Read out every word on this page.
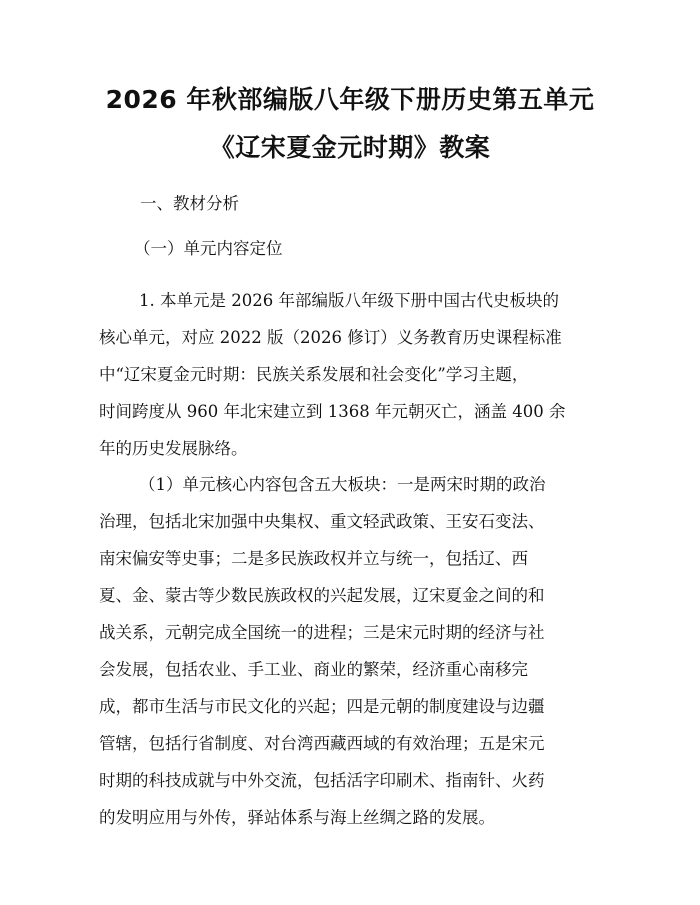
2026 年秋部编版八年级下册历史第五单元
《辽宋夏金元时期》教案
一、教材分析
（一）单元内容定位
1. 本单元是 2026 年部编版八年级下册中国古代史板块的
核心单元，对应 2022 版（2026 修订）义务教育历史课程标准
中“辽宋夏金元时期：民族关系发展和社会变化”学习主题，
时间跨度从 960 年北宋建立到 1368 年元朝灭亡，涵盖 400 余
年的历史发展脉络。
（1）单元核心内容包含五大板块：一是两宋时期的政治
治理，包括北宋加强中央集权、重文轻武政策、王安石变法、
南宋偏安等史事；二是多民族政权并立与统一，包括辽、西
夏、金、蒙古等少数民族政权的兴起发展，辽宋夏金之间的和
战关系，元朝完成全国统一的进程；三是宋元时期的经济与社
会发展，包括农业、手工业、商业的繁荣，经济重心南移完
成，都市生活与市民文化的兴起；四是元朝的制度建设与边疆
管辖，包括行省制度、对台湾西藏西域的有效治理；五是宋元
时期的科技成就与中外交流，包括活字印刷术、指南针、火药
的发明应用与外传，驿站体系与海上丝绸之路的发展。
